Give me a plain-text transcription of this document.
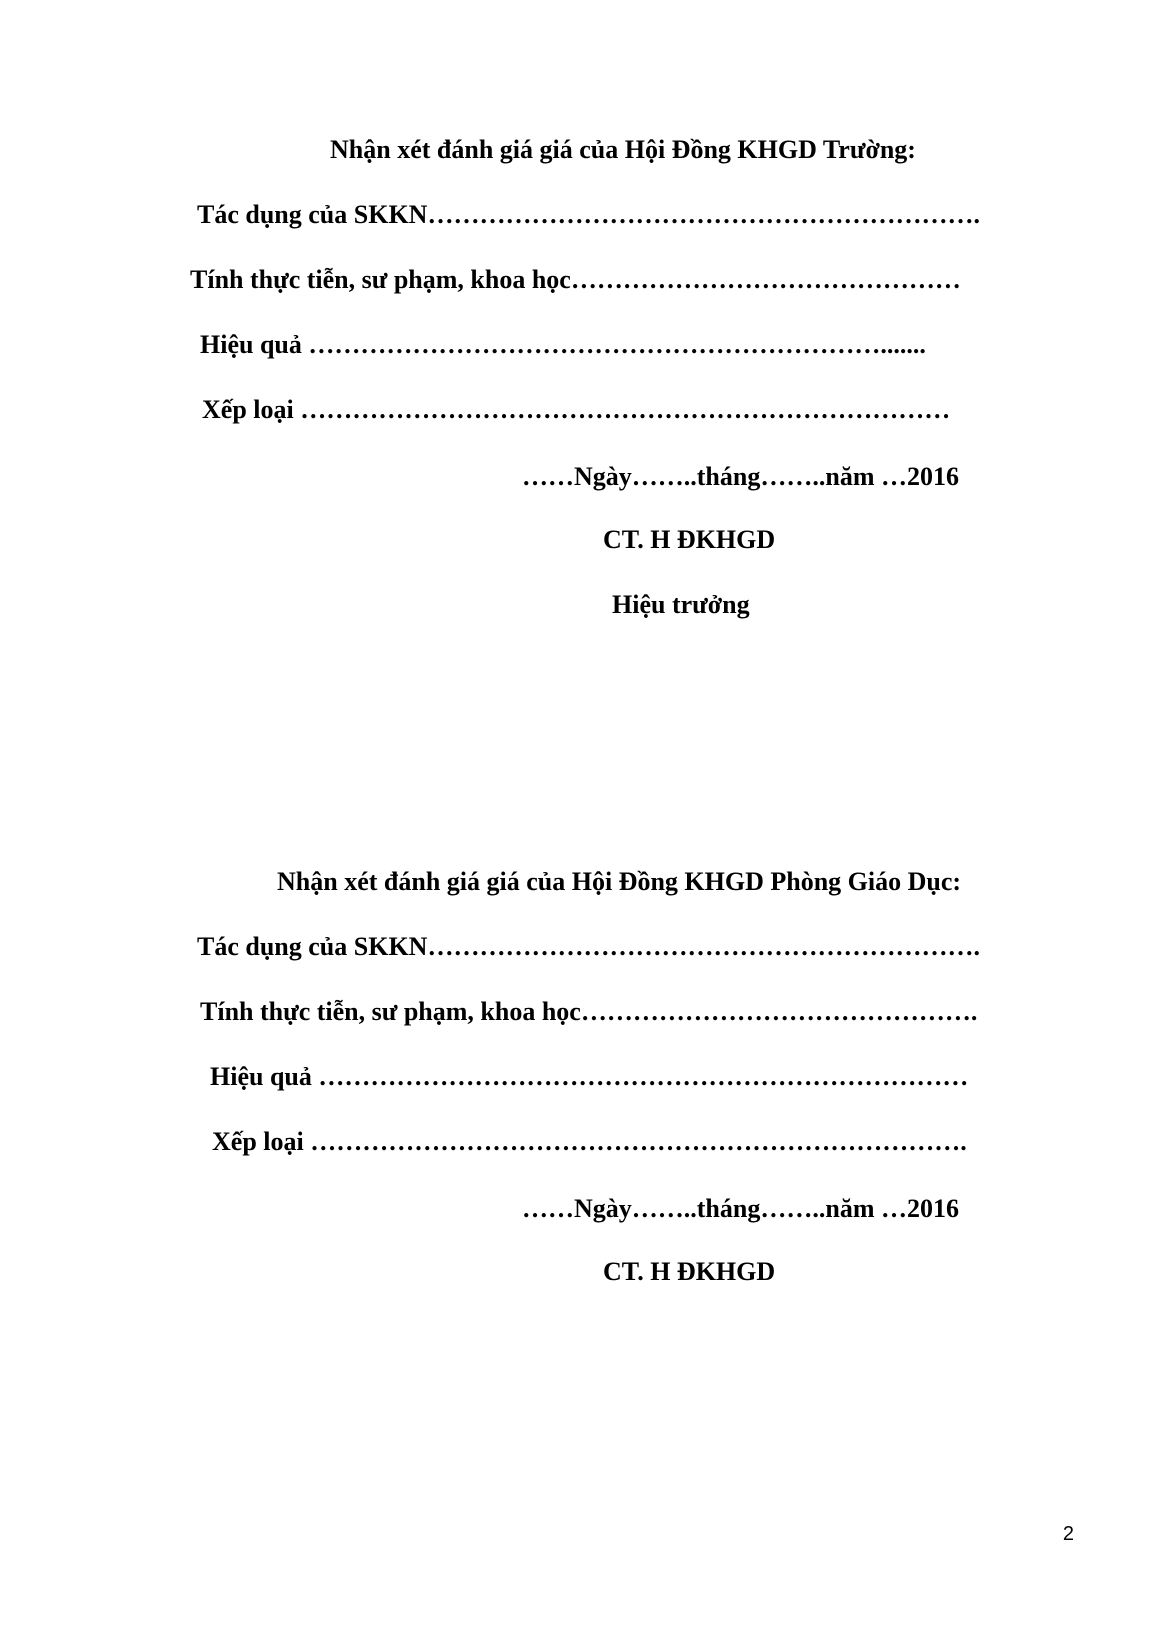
Nhận xét đánh giá giá của Hội Đồng KHGD Trường:
Tác dụng của SKKN……………………………………………………….
Tính thực tiễn, sư phạm, khoa học………………………………………
Hiệu quả ………………………………………………………….......
Xếp loại …………………………………………………………………
……Ngày……..tháng……..năm …2016
CT. H ĐKHGD
Hiệu trưởng
Nhận xét đánh giá giá của Hội Đồng KHGD Phòng Giáo Dục:
Tác dụng của SKKN……………………………………………………….
Tính thực tiễn, sư phạm, khoa học……………………………………….
Hiệu quả …………………………………………………………………
Xếp loại ………………………………………………………………….
……Ngày……..tháng……..năm …2016
CT. H ĐKHGD
2
